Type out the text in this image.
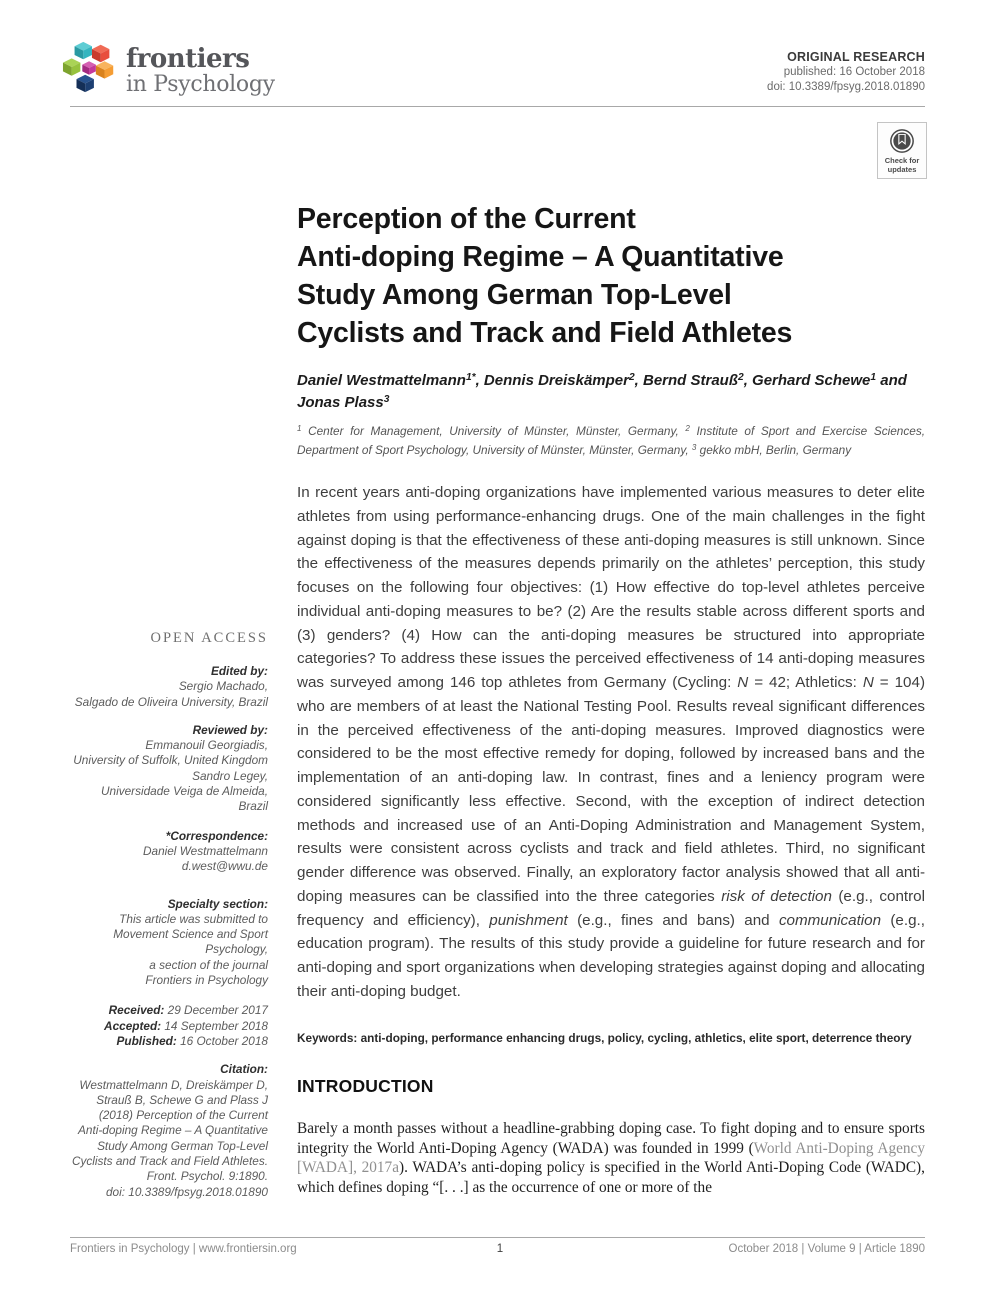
frontiers
in Psychology
ORIGINAL RESEARCH
published: 16 October 2018
doi: 10.3389/fpsyg.2018.01890
Check for
updates
OPEN ACCESS
Edited by:
Sergio Machado,
Salgado de Oliveira University, Brazil
Reviewed by:
Emmanouil Georgiadis,
University of Suffolk, United Kingdom
Sandro Legey,
Universidade Veiga de Almeida, Brazil
*Correspondence:
Daniel Westmattelmann
d.west@wwu.de
Specialty section:
This article was submitted to
Movement Science and Sport
Psychology,
a section of the journal
Frontiers in Psychology
Received: 29 December 2017
Accepted: 14 September 2018
Published: 16 October 2018
Citation:
Westmattelmann D, Dreiskämper D,
Strauß B, Schewe G and Plass J
(2018) Perception of the Current
Anti-doping Regime – A Quantitative
Study Among German Top-Level
Cyclists and Track and Field Athletes.
Front. Psychol. 9:1890.
doi: 10.3389/fpsyg.2018.01890
Perception of the Current
Anti-doping Regime – A Quantitative
Study Among German Top-Level
Cyclists and Track and Field Athletes
Daniel Westmattelmann$^{1*}$, Dennis Dreiskämper$^2$, Bernd Strauß$^2$, Gerhard Schewe$^1$ and Jonas Plass$^3$
$^1$ Center for Management, University of Münster, Münster, Germany, $^2$ Institute of Sport and Exercise Sciences, Department of Sport Psychology, University of Münster, Münster, Germany, $^3$ gekko mbH, Berlin, Germany
In recent years anti-doping organizations have implemented various measures to deter elite athletes from using performance-enhancing drugs. One of the main challenges in the fight against doping is that the effectiveness of these anti-doping measures is still unknown. Since the effectiveness of the measures depends primarily on the athletes’ perception, this study focuses on the following four objectives: (1) How effective do top-level athletes perceive individual anti-doping measures to be? (2) Are the results stable across different sports and (3) genders? (4) How can the anti-doping measures be structured into appropriate categories? To address these issues the perceived effectiveness of 14 anti-doping measures was surveyed among 146 top athletes from Germany (Cycling: N = 42; Athletics: N = 104) who are members of at least the National Testing Pool. Results reveal significant differences in the perceived effectiveness of the anti-doping measures. Improved diagnostics were considered to be the most effective remedy for doping, followed by increased bans and the implementation of an anti-doping law. In contrast, fines and a leniency program were considered significantly less effective. Second, with the exception of indirect detection methods and increased use of an Anti-Doping Administration and Management System, results were consistent across cyclists and track and field athletes. Third, no significant gender difference was observed. Finally, an exploratory factor analysis showed that all anti-doping measures can be classified into the three categories risk of detection (e.g., control frequency and efficiency), punishment (e.g., fines and bans) and communication (e.g., education program). The results of this study provide a guideline for future research and for anti-doping and sport organizations when developing strategies against doping and allocating their anti-doping budget.
Keywords: anti-doping, performance enhancing drugs, policy, cycling, athletics, elite sport, deterrence theory
INTRODUCTION
Barely a month passes without a headline-grabbing doping case. To fight doping and to ensure sports integrity the World Anti-Doping Agency (WADA) was founded in 1999 (World Anti-Doping Agency [WADA], 2017a). WADA’s anti-doping policy is specified in the World Anti-Doping Code (WADC), which defines doping “[. . .] as the occurrence of one or more of the
Frontiers in Psychology | www.frontiersin.org	1	October 2018 | Volume 9 | Article 1890
